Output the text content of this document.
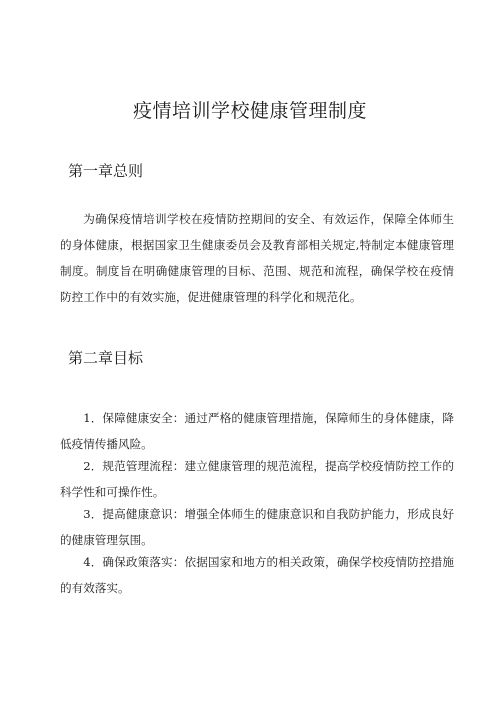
疫情培训学校健康管理制度
第一章总则

为确保疫情培训学校在疫情防控期间的安全、有效运作，保障全体师生的身体健康，根据国家卫生健康委员会及教育部相关规定,特制定本健康管理制度。制度旨在明确健康管理的目标、范围、规范和流程，确保学校在疫情防控工作中的有效实施，促进健康管理的科学化和规范化。

第二章目标

1．保障健康安全：通过严格的健康管理措施，保障师生的身体健康，降低疫情传播风险。

2．规范管理流程：建立健康管理的规范流程，提高学校疫情防控工作的科学性和可操作性。

3．提高健康意识：增强全体师生的健康意识和自我防护能力，形成良好的健康管理氛围。

4．确保政策落实：依据国家和地方的相关政策，确保学校疫情防控措施的有效落实。
